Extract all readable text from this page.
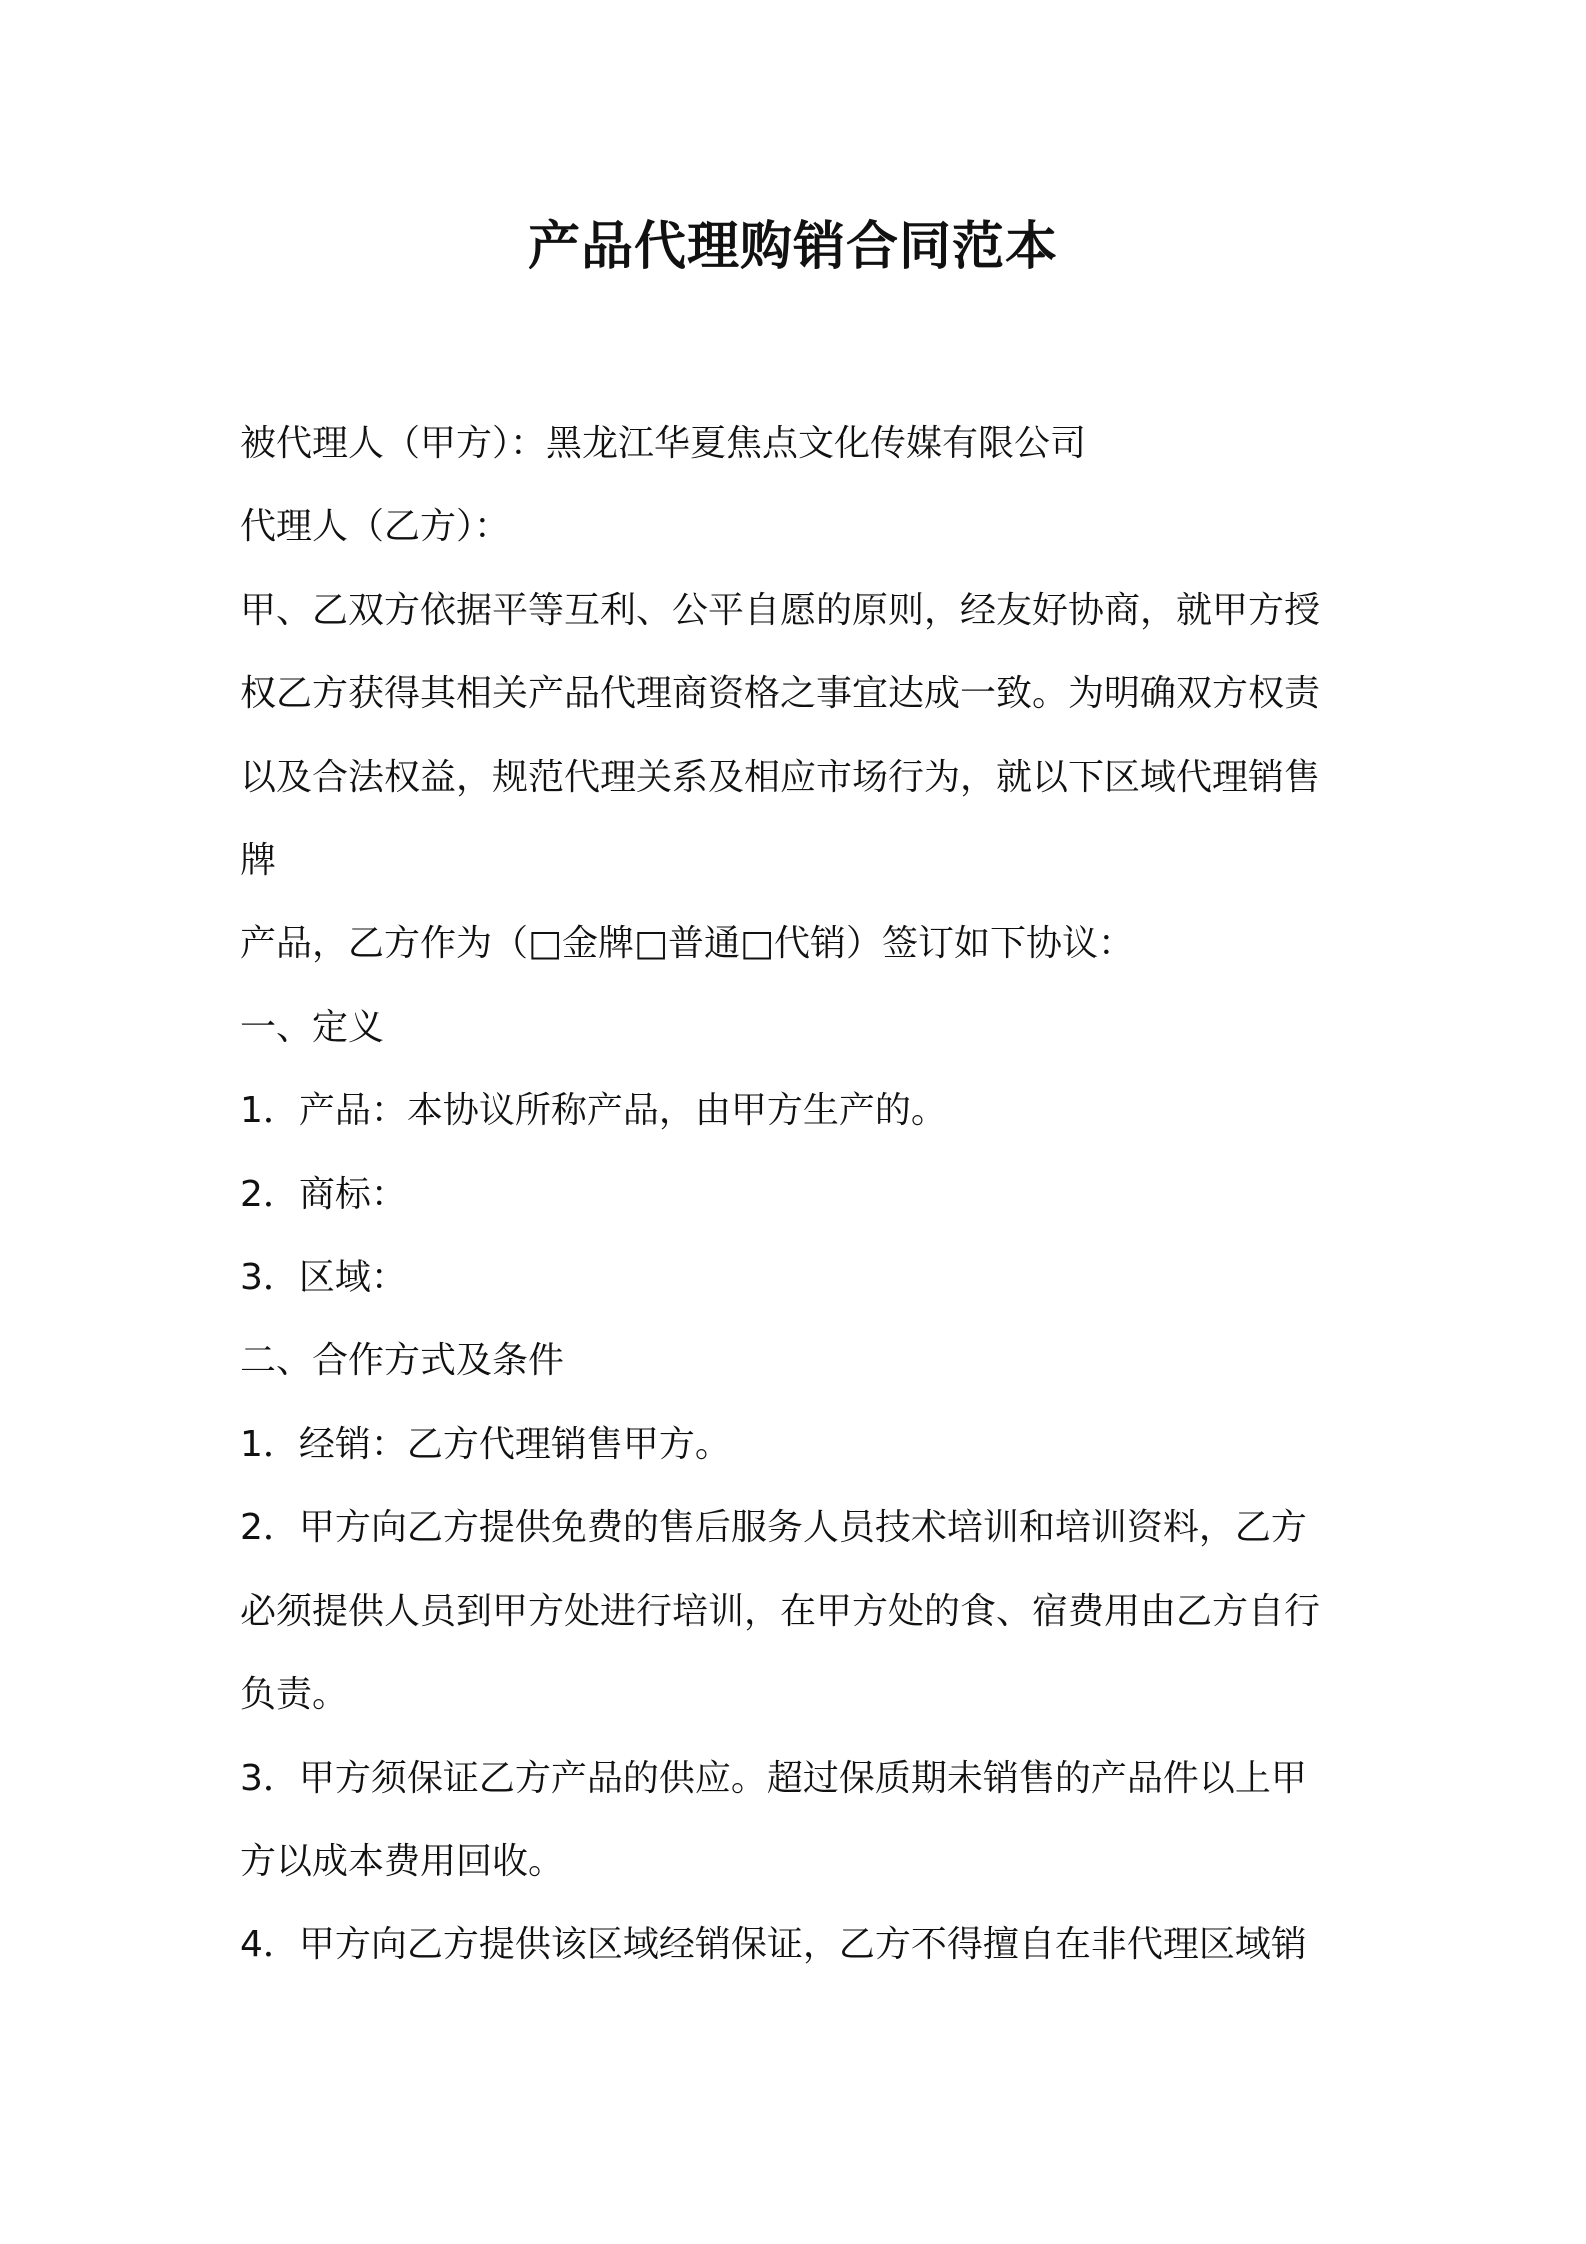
产品代理购销合同范本

被代理人（甲方）：黑龙江华夏焦点文化传媒有限公司

代理人（乙方）：

甲、乙双方依据平等互利、公平自愿的原则，经友好协商，就甲方授

权乙方获得其相关产品代理商资格之事宜达成一致。为明确双方权责

以及合法权益，规范代理关系及相应市场行为，就以下区域代理销售

牌

产品，乙方作为（□金牌□普通□代销）签订如下协议：

一、定义

1．产品：本协议所称产品，由甲方生产的。

2．商标：

3．区域：

二、合作方式及条件

1．经销：乙方代理销售甲方。

2．甲方向乙方提供免费的售后服务人员技术培训和培训资料，乙方

必须提供人员到甲方处进行培训，在甲方处的食、宿费用由乙方自行

负责。

3．甲方须保证乙方产品的供应。超过保质期未销售的产品件以上甲

方以成本费用回收。

4．甲方向乙方提供该区域经销保证，乙方不得擅自在非代理区域销
